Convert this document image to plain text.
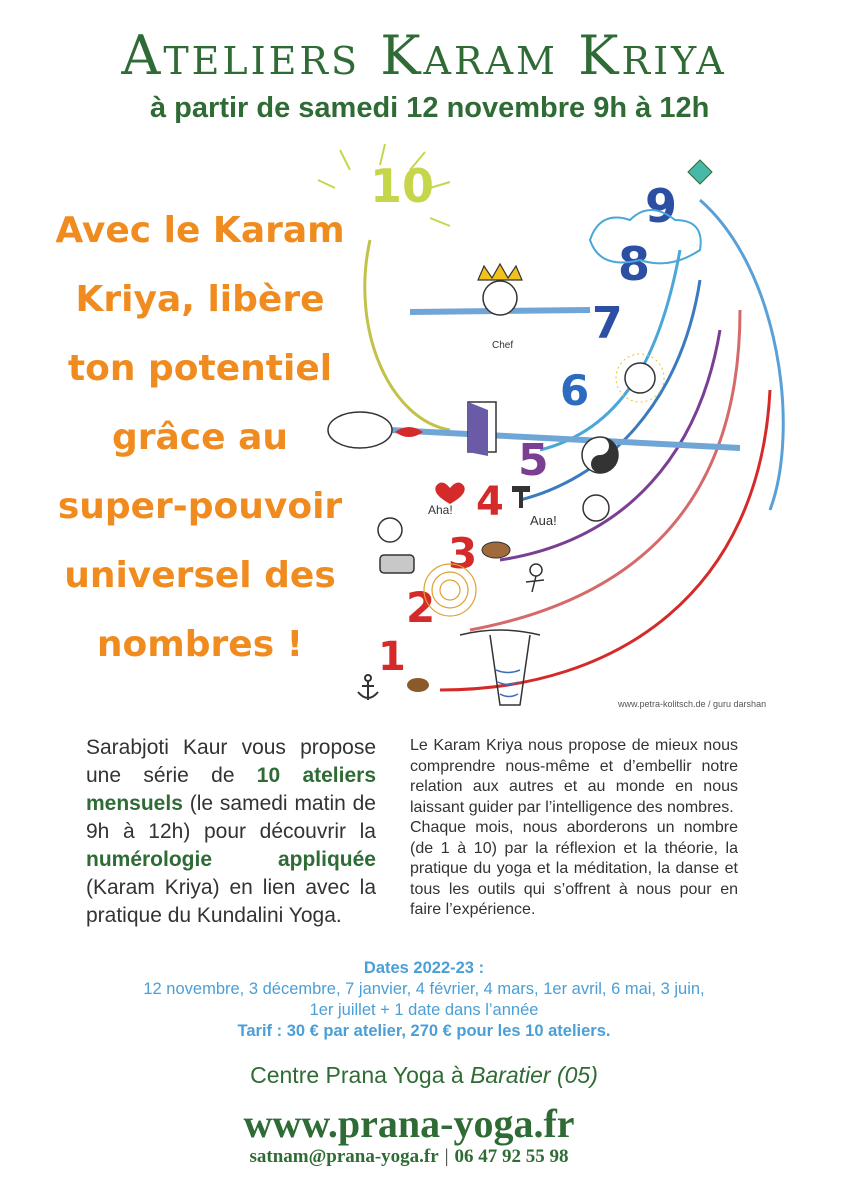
Ateliers Karam Kriya
à partir de samedi 12 novembre 9h à 12h
Avec le Karam
Kriya, libère
ton potentiel
grâce au
super-pouvoir
universel des
nombres !
10	9
8
7
6
5
4
3
2
1
Chef
Aha!
Aua!
www.petra-kolitsch.de / guru darshan
Sarabjoti Kaur vous propose une série de 10 ateliers mensuels (le samedi matin de 9h à 12h) pour découvrir la numérologie appliquée (Karam Kriya) en lien avec la pratique du Kundalini Yoga.

Le Karam Kriya nous propose de mieux nous comprendre nous-même et d’embellir notre relation aux autres et au monde en nous laissant guider par l’intelligence des nombres.

Chaque mois, nous aborderons un nombre (de 1 à 10) par la réflexion et la théorie, la pratique du yoga et la méditation, la danse et tous les outils qui s’offrent à nous pour en faire l’expérience.

Dates 2022-23 :
12 novembre, 3 décembre, 7 janvier, 4 février, 4 mars, 1er avril, 6 mai, 3 juin,
1er juillet + 1 date dans l’année
Tarif : 30 € par atelier, 270 € pour les 10 ateliers.
Centre Prana Yoga à Baratier (05)
www.prana-yoga.fr
satnam@prana-yoga.fr | 06 47 92 55 98
